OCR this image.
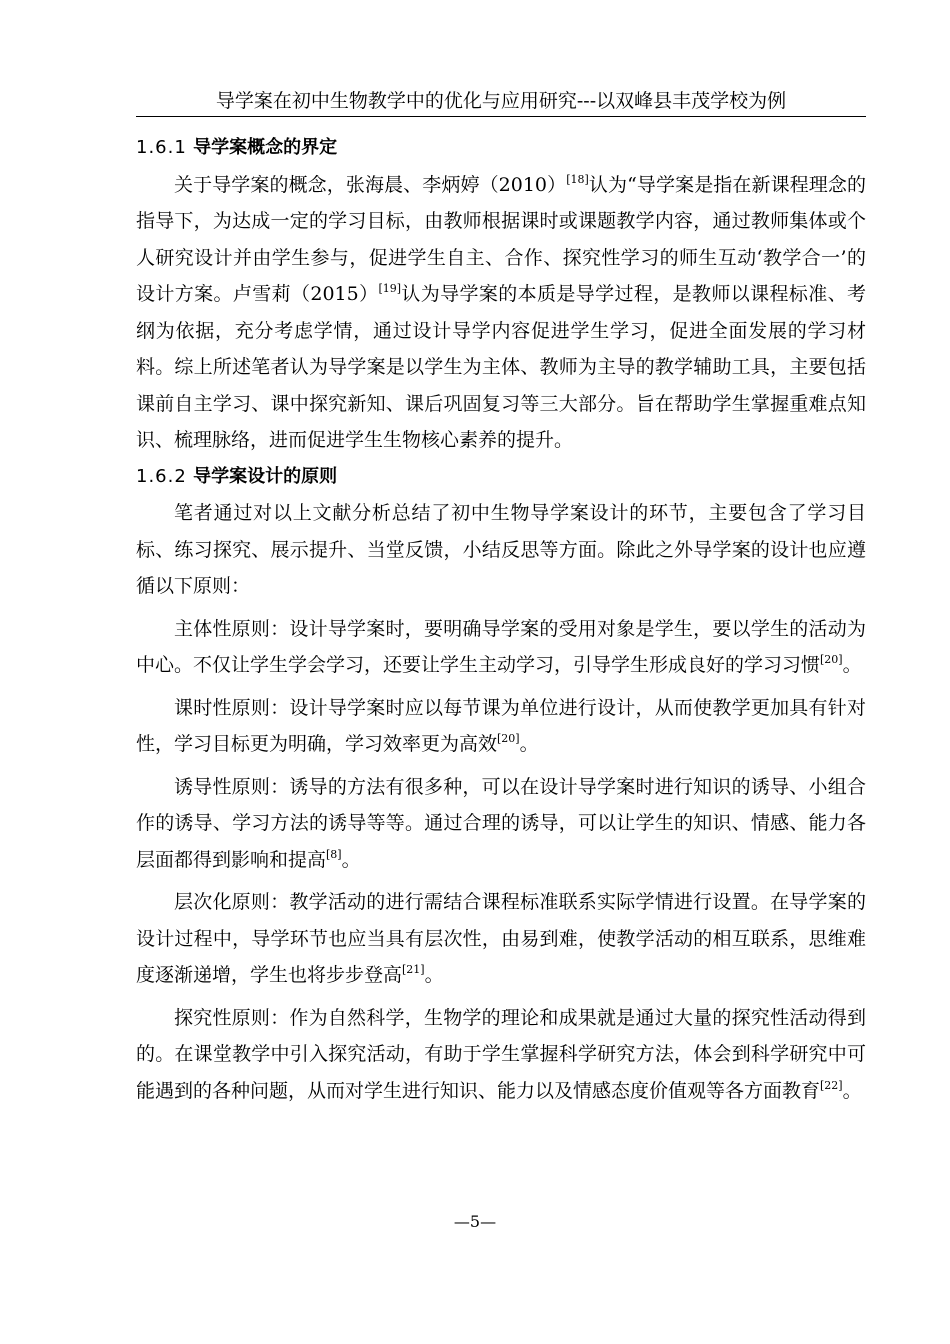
导学案在初中生物教学中的优化与应用研究---以双峰县丰茂学校为例
1.6.1 导学案概念的界定

关于导学案的概念，张海晨、李炳婷（2010）[18]认为“导学案是指在新课程理念的指导下，为达成一定的学习目标，由教师根据课时或课题教学内容，通过教师集体或个人研究设计并由学生参与，促进学生自主、合作、探究性学习的师生互动‘教学合一’的设计方案。卢雪莉（2015）[19]认为导学案的本质是导学过程，是教师以课程标准、考纲为依据，充分考虑学情，通过设计导学内容促进学生学习，促进全面发展的学习材料。综上所述笔者认为导学案是以学生为主体、教师为主导的教学辅助工具，主要包括课前自主学习、课中探究新知、课后巩固复习等三大部分。旨在帮助学生掌握重难点知识、梳理脉络，进而促进学生生物核心素养的提升。

1.6.2 导学案设计的原则

笔者通过对以上文献分析总结了初中生物导学案设计的环节，主要包含了学习目标、练习探究、展示提升、当堂反馈，小结反思等方面。除此之外导学案的设计也应遵循以下原则：

主体性原则：设计导学案时，要明确导学案的受用对象是学生，要以学生的活动为中心。不仅让学生学会学习，还要让学生主动学习，引导学生形成良好的学习习惯[20]。

课时性原则：设计导学案时应以每节课为单位进行设计，从而使教学更加具有针对性，学习目标更为明确，学习效率更为高效[20]。

诱导性原则：诱导的方法有很多种，可以在设计导学案时进行知识的诱导、小组合作的诱导、学习方法的诱导等等。通过合理的诱导，可以让学生的知识、情感、能力各层面都得到影响和提高[8]。

层次化原则：教学活动的进行需结合课程标准联系实际学情进行设置。在导学案的设计过程中，导学环节也应当具有层次性，由易到难，使教学活动的相互联系，思维难度逐渐递增，学生也将步步登高[21]。

探究性原则：作为自然科学，生物学的理论和成果就是通过大量的探究性活动得到的。在课堂教学中引入探究活动，有助于学生掌握科学研究方法，体会到科学研究中可能遇到的各种问题，从而对学生进行知识、能力以及情感态度价值观等各方面教育[22]。

—5—
